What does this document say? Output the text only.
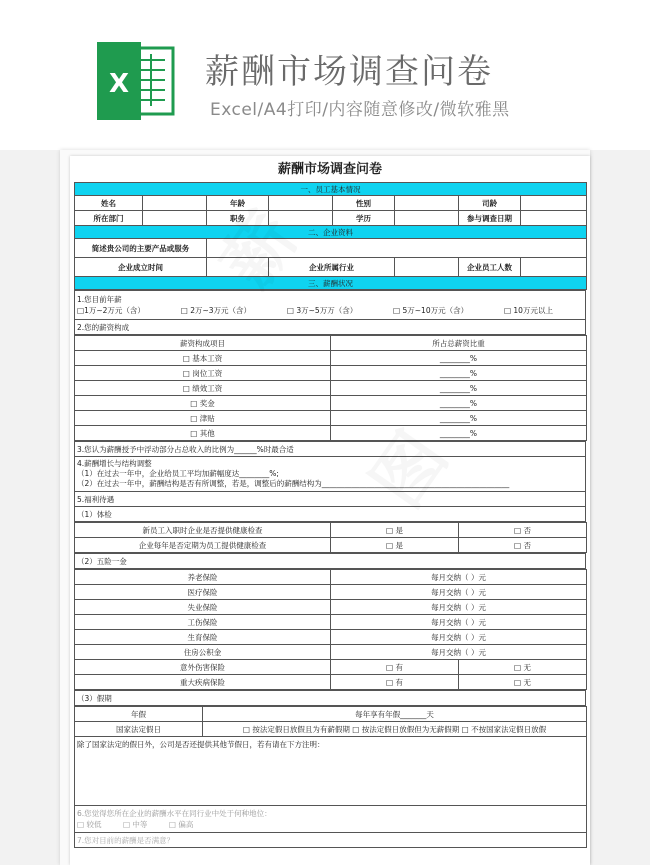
X 薪酬市场调查问卷
Excel/A4打印/内容随意修改/微软雅黑
薪酬市场调查问卷
一、员工基本情况							
姓名		年龄		性别		司龄	
所在部门		职务		学历		参与调查日期	
二、企业资料							
简述贵公司的主要产品或服务							
企业成立时间			企业所属行业			企业员工人数	
三、薪酬状况							
1.您目前年薪
□1万~2万元（含）	□ 2万~3万元（含）	□ 3万~5万万（含）	□ 5万~10万元（含）	□ 10万元以上

2.您的薪资构成
薪资构成项目	所占总薪资比重
□ 基本工资	________%
□ 岗位工资	________%
□ 绩效工资	________%
□ 奖金	________%
□ 津贴	________%
□ 其他	________%
3.您认为薪酬授予中浮动部分占总收入的比例为______%时最合适

4.薪酬增长与结构调整
（1）在过去一年中，企业给员工平均加薪幅度达________%;
（2）在过去一年中，薪酬结构是否有所调整，若是，调整后的薪酬结构为__________________________________________________

5.福利待遇
（1）体检
新员工入职时企业是否提供健康检查	□ 是	□ 否
企业每年是否定期为员工提供健康检查	□ 是	□ 否
（2）五险一金
养老保险	每月交纳（ ）元	
医疗保险	每月交纳（ ）元	
失业保险	每月交纳（ ）元	
工伤保险	每月交纳（ ）元	
生育保险	每月交纳（ ）元	
住房公积金	每月交纳（ ）元	
意外伤害保险	□ 有	□ 无
重大疾病保险	□ 有	□ 无
（3）假期
年假	每年享有年假_______天
国家法定假日	□ 按法定假日放假且为有薪假期 □ 按法定假日放假但为无薪假期 □ 不按国家法定假日放假
除了国家法定的假日外，公司是否还提供其他节假日，若有请在下方注明：	

6.您觉得您所在企业的薪酬水平在同行业中处于何种地位：
□ 较低 □ 中等 □ 偏高	

7.您对目前的薪酬是否满意？	
